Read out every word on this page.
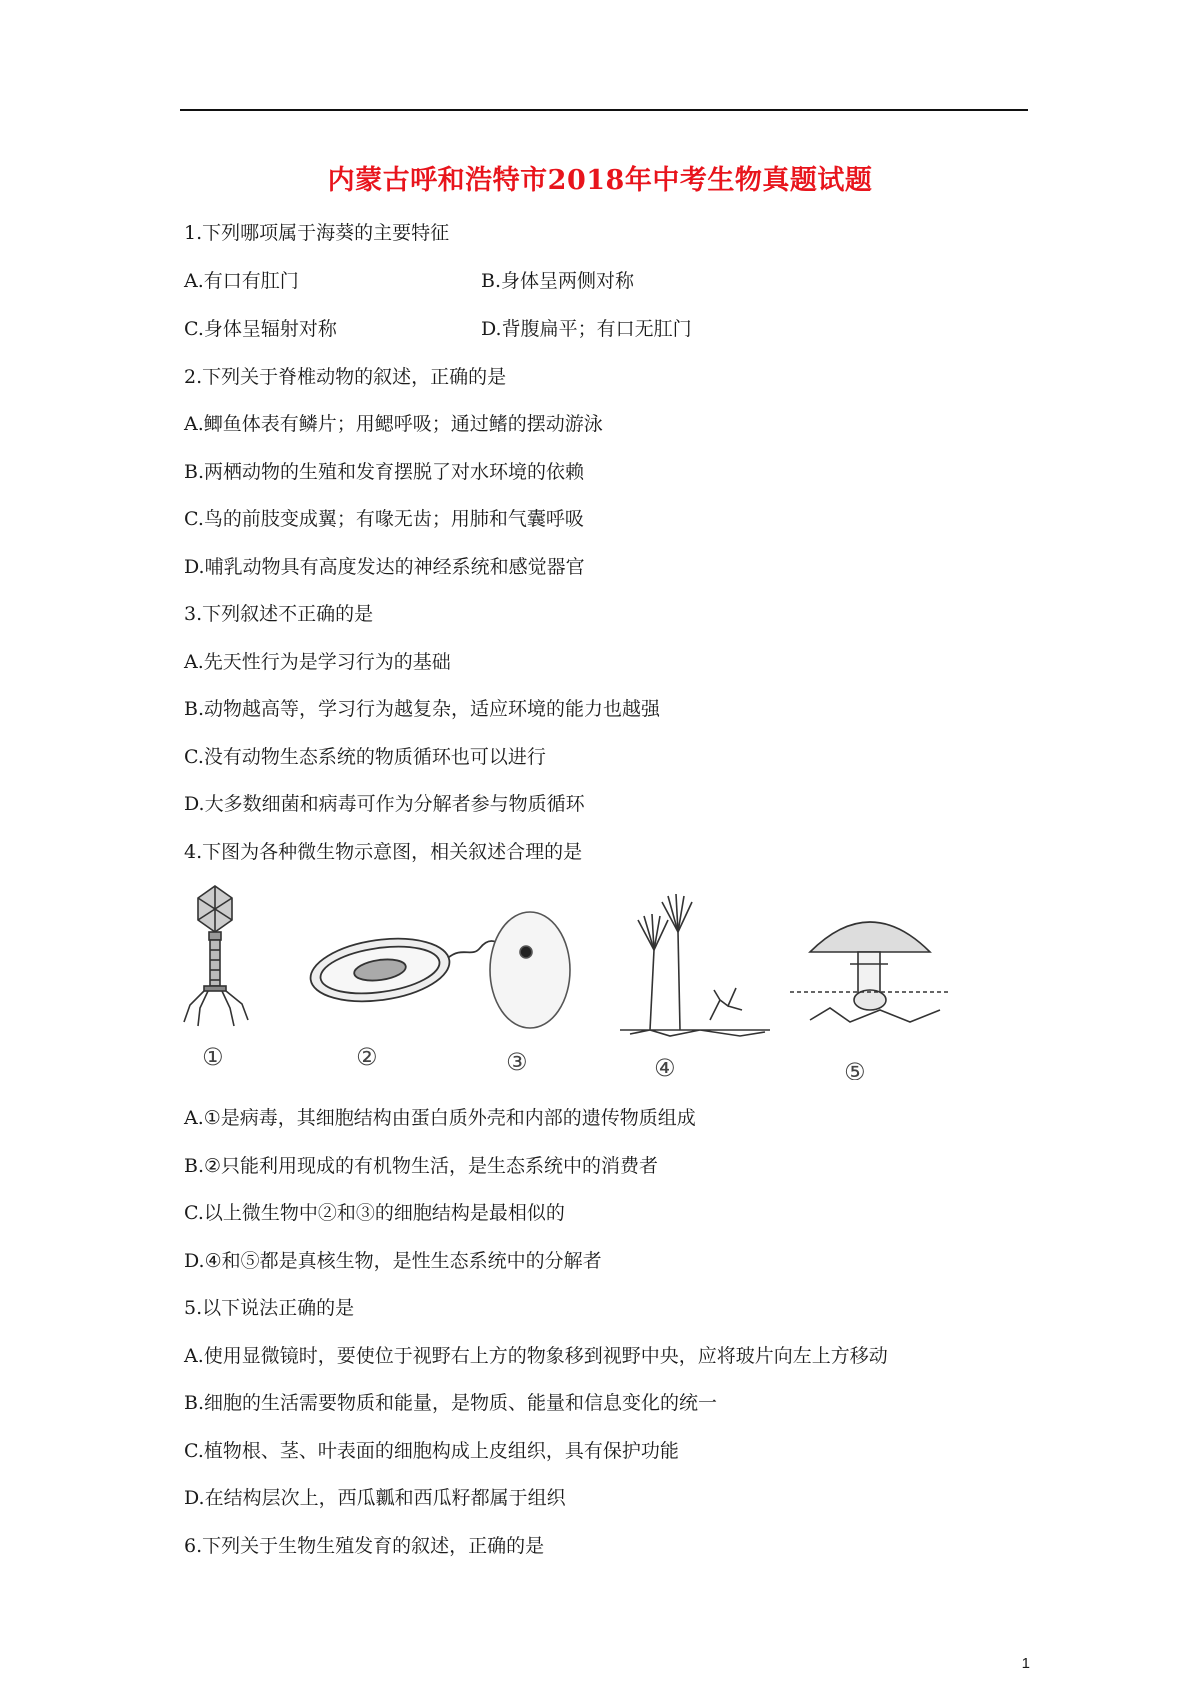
内蒙古呼和浩特市2018年中考生物真题试题
1.下列哪项属于海葵的主要特征
A.有口有肛门	B.身体呈两侧对称
C.身体呈辐射对称	D.背腹扁平；有口无肛门
2.下列关于脊椎动物的叙述，正确的是
A.鲫鱼体表有鳞片；用鳃呼吸；通过鳍的摆动游泳
B.两栖动物的生殖和发育摆脱了对水环境的依赖
C.鸟的前肢变成翼；有喙无齿；用肺和气囊呼吸
D.哺乳动物具有高度发达的神经系统和感觉器官
3.下列叙述不正确的是
A.先天性行为是学习行为的基础
B.动物越高等，学习行为越复杂，适应环境的能力也越强
C.没有动物生态系统的物质循环也可以进行
D.大多数细菌和病毒可作为分解者参与物质循环
4.下图为各种微生物示意图，相关叙述合理的是
①	②	③	④	⑤
A.①是病毒，其细胞结构由蛋白质外壳和内部的遗传物质组成
B.②只能利用现成的有机物生活，是生态系统中的消费者
C.以上微生物中②和③的细胞结构是最相似的
D.④和⑤都是真核生物，是性生态系统中的分解者
5.以下说法正确的是
A.使用显微镜时，要使位于视野右上方的物象移到视野中央，应将玻片向左上方移动
B.细胞的生活需要物质和能量，是物质、能量和信息变化的统一
C.植物根、茎、叶表面的细胞构成上皮组织，具有保护功能
D.在结构层次上，西瓜瓤和西瓜籽都属于组织
6.下列关于生物生殖发育的叙述，正确的是
1
